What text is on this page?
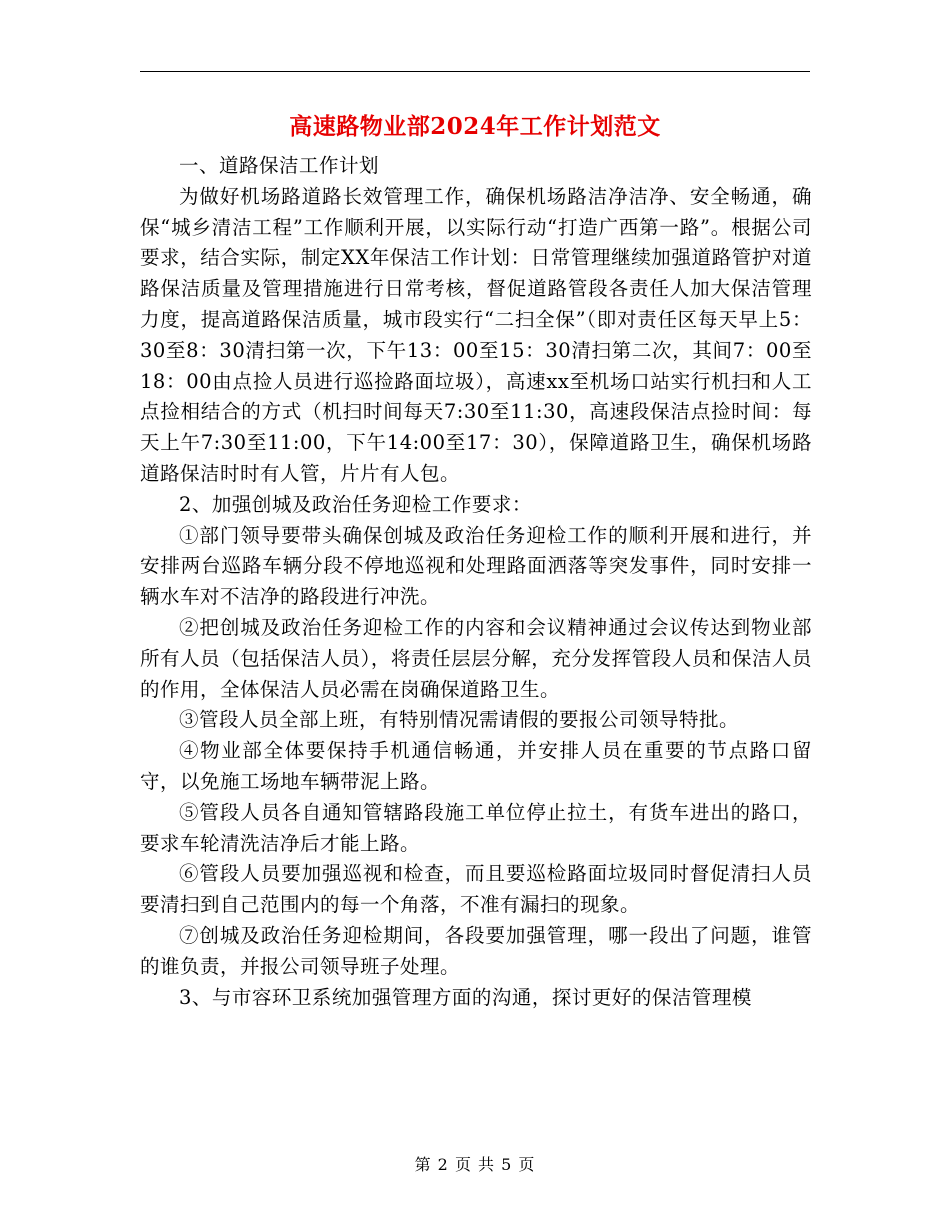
高速路物业部2024年工作计划范文

一、道路保洁工作计划

为做好机场路道路长效管理工作，确保机场路洁净洁净、安全畅通，确保“城乡清洁工程”工作顺利开展，以实际行动“打造广西第一路”。根据公司要求，结合实际，制定XX年保洁工作计划：日常管理继续加强道路管护对道路保洁质量及管理措施进行日常考核，督促道路管段各责任人加大保洁管理力度，提高道路保洁质量，城市段实行“二扫全保”（即对责任区每天早上5：30至8：30清扫第一次，下午13：00至15：30清扫第二次，其间7：00至18：00由点捡人员进行巡捡路面垃圾），高速xx至机场口站实行机扫和人工点捡相结合的方式（机扫时间每天7:30至11:30，高速段保洁点捡时间：每天上午7:30至11:00，下午14:00至17：30），保障道路卫生，确保机场路道路保洁时时有人管，片片有人包。

2、加强创城及政治任务迎检工作要求：

①部门领导要带头确保创城及政治任务迎检工作的顺利开展和进行，并安排两台巡路车辆分段不停地巡视和处理路面洒落等突发事件，同时安排一辆水车对不洁净的路段进行冲洗。

②把创城及政治任务迎检工作的内容和会议精神通过会议传达到物业部所有人员（包括保洁人员），将责任层层分解，充分发挥管段人员和保洁人员的作用，全体保洁人员必需在岗确保道路卫生。

③管段人员全部上班，有特别情况需请假的要报公司领导特批。

④物业部全体要保持手机通信畅通，并安排人员在重要的节点路口留守，以免施工场地车辆带泥上路。

⑤管段人员各自通知管辖路段施工单位停止拉土，有货车进出的路口，要求车轮清洗洁净后才能上路。

⑥管段人员要加强巡视和检查，而且要巡检路面垃圾同时督促清扫人员要清扫到自己范围内的每一个角落，不准有漏扫的现象。

⑦创城及政治任务迎检期间，各段要加强管理，哪一段出了问题，谁管的谁负责，并报公司领导班子处理。

3、与市容环卫系统加强管理方面的沟通，探讨更好的保洁管理模

第 2 页 共 5 页
